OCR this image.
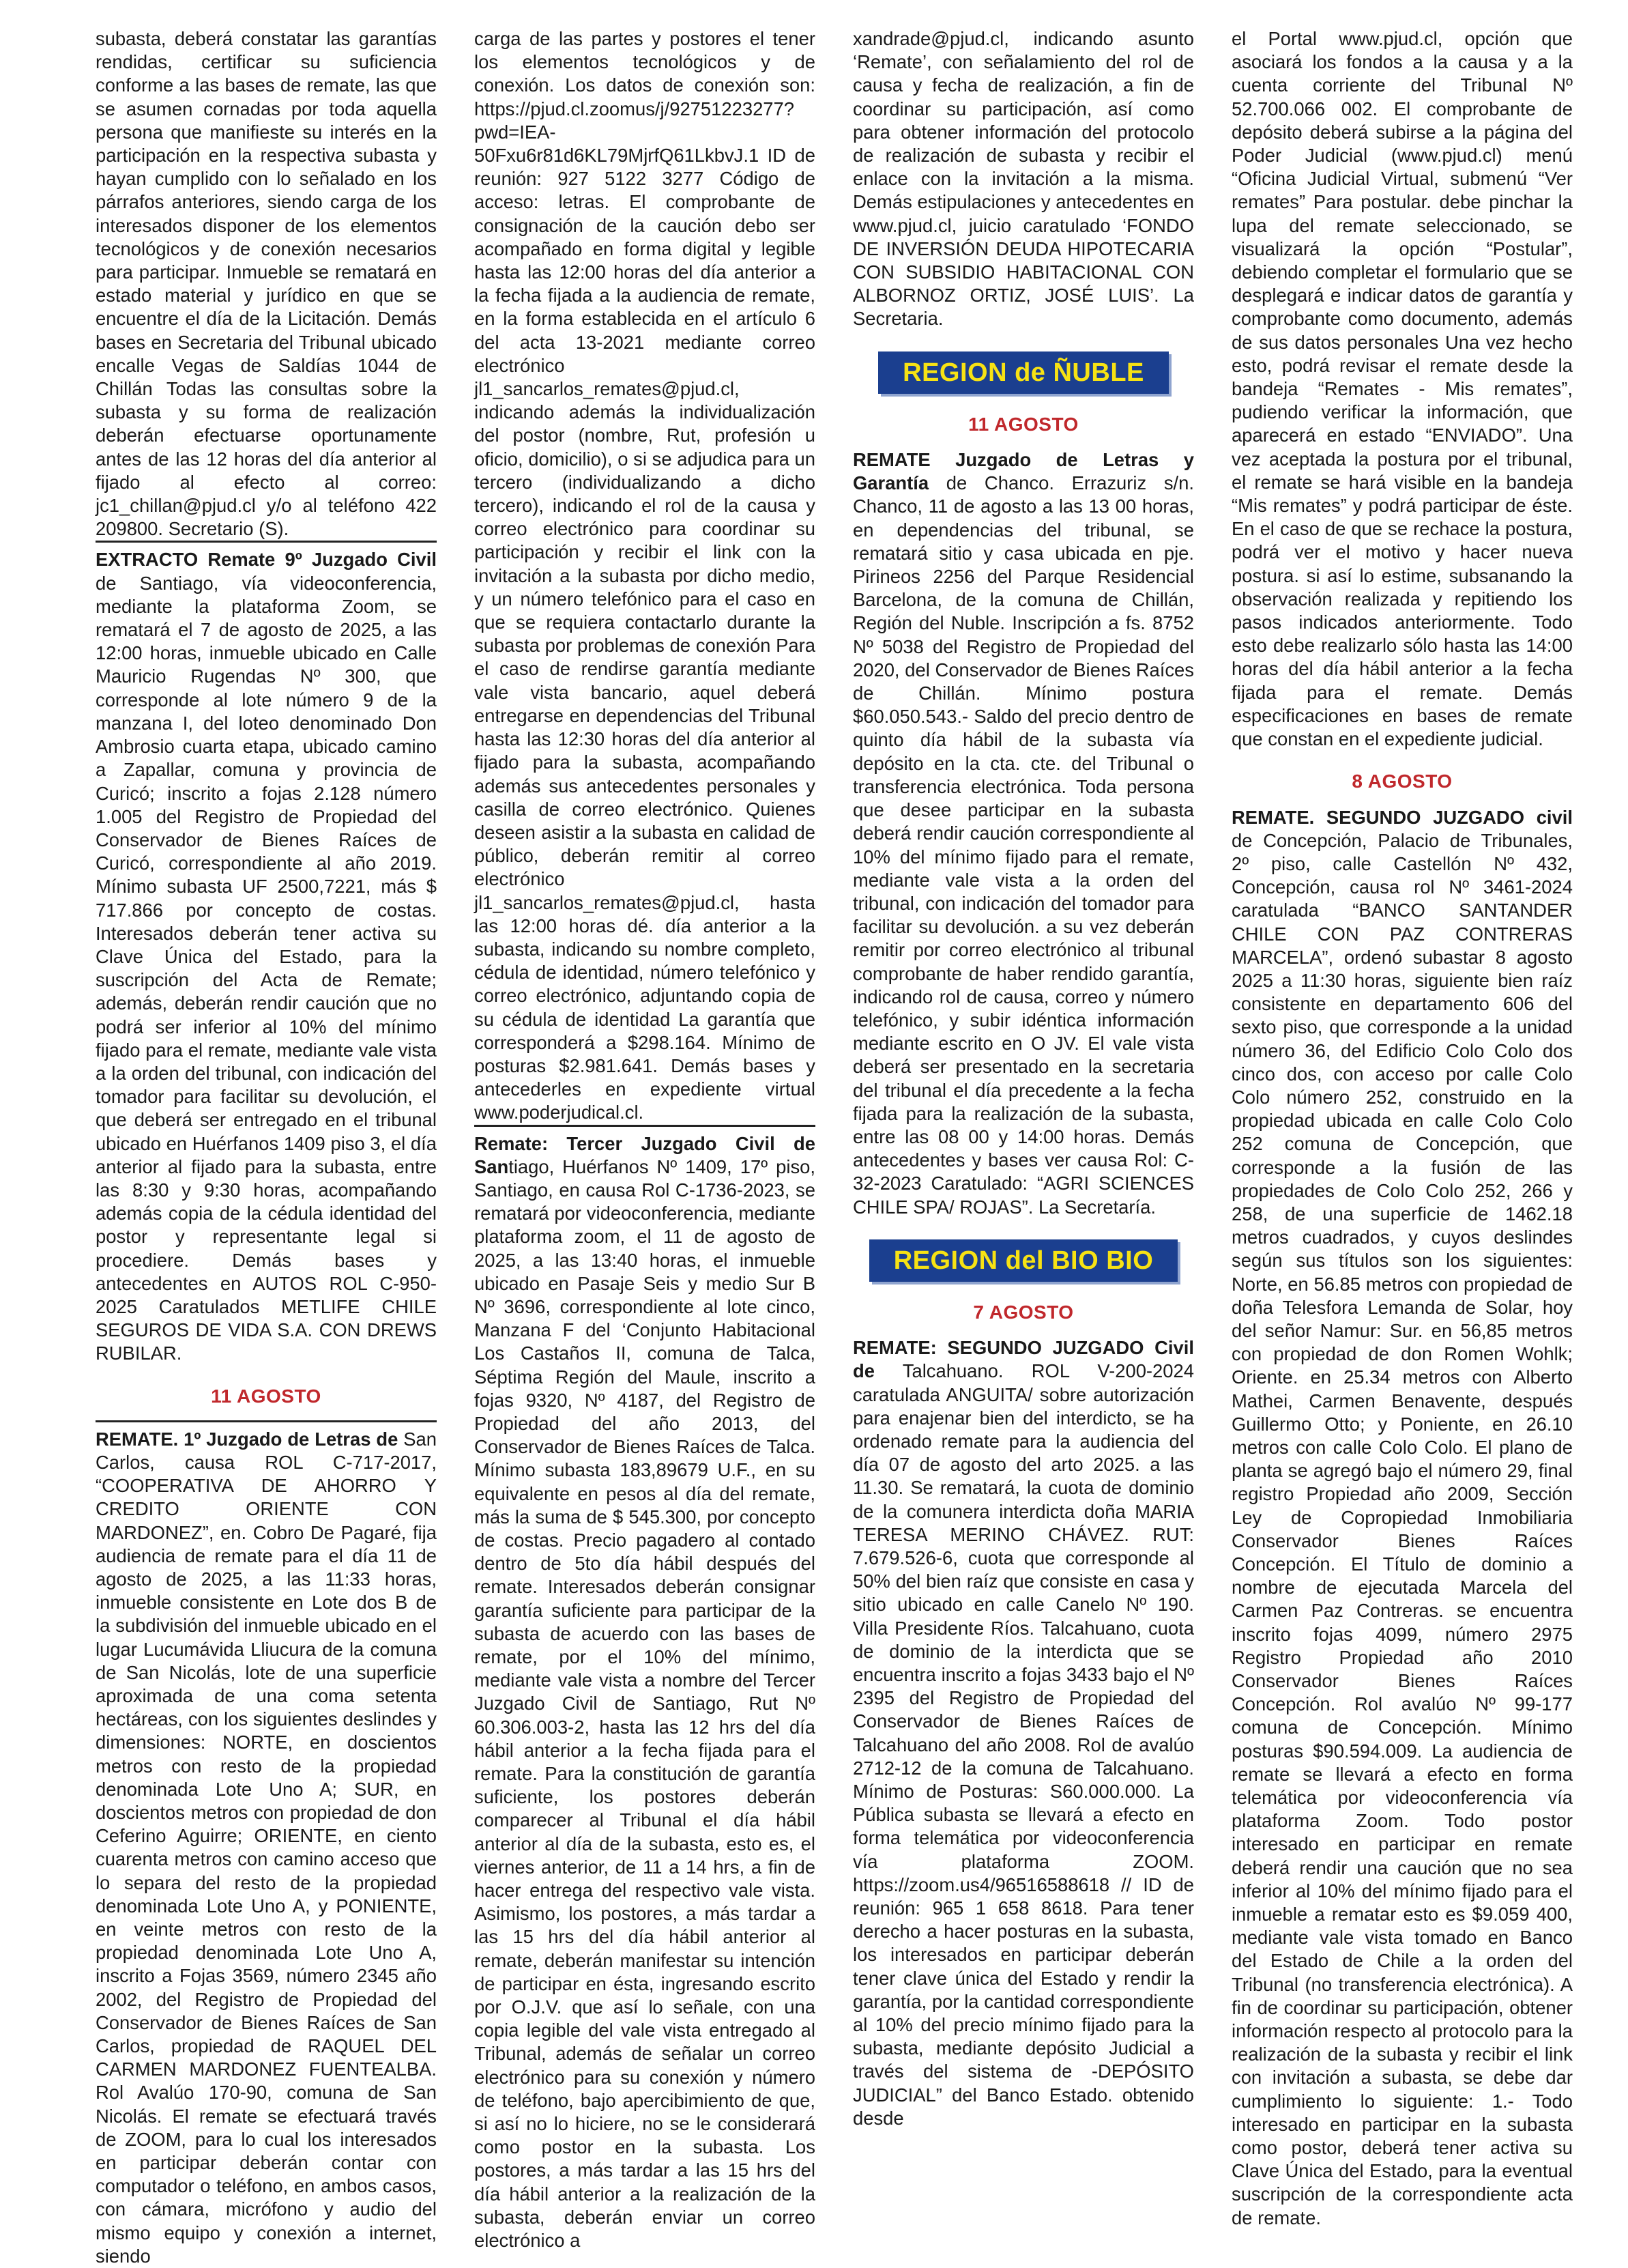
subasta, deberá constatar las garantías rendidas, certificar su suficiencia conforme a las bases de remate, las que se asumen cornadas por toda aquella persona que manifieste su interés en la participación en la respectiva subasta y hayan cumplido con lo señalado en los párrafos anteriores, siendo carga de los interesados disponer de los elementos tecnológicos y de conexión necesarios para participar. Inmueble se rematará en estado material y jurídico en que se encuentre el día de la Licitación. Demás bases en Secretaria del Tribunal ubicado encalle Vegas de Saldías 1044 de Chillán Todas las consultas sobre la subasta y su forma de realización deberán efectuarse oportunamente antes de las 12 horas del día anterior al fijado al efecto al correo: jc1_chillan@pjud.cl y/o al teléfono 422 209800. Secretario (S).

EXTRACTO Remate 9º Juzgado Civil de Santiago, vía videoconferencia, mediante la plataforma Zoom, se rematará el 7 de agosto de 2025, a las 12:00 horas, inmueble ubicado en Calle Mauricio Rugendas Nº 300, que corresponde al lote número 9 de la manzana I, del loteo denominado Don Ambrosio cuarta etapa, ubicado camino a Zapallar, comuna y provincia de Curicó; inscrito a fojas 2.128 número 1.005 del Registro de Propiedad del Conservador de Bienes Raíces de Curicó, correspondiente al año 2019. Mínimo subasta UF 2500,7221, más $ 717.866 por concepto de costas. Interesados deberán tener activa su Clave Única del Estado, para la suscripción del Acta de Remate; además, deberán rendir caución que no podrá ser inferior al 10% del mínimo fijado para el remate, mediante vale vista a la orden del tribunal, con indicación del tomador para facilitar su devolución, el que deberá ser entregado en el tribunal ubicado en Huérfanos 1409 piso 3, el día anterior al fijado para la subasta, entre las 8:30 y 9:30 horas, acompañando además copia de la cédula identidad del postor y representante legal si procediere. Demás bases y antecedentes en AUTOS ROL C-950-2025 Caratulados METLIFE CHILE SEGUROS DE VIDA S.A. CON DREWS RUBILAR.

11 AGOSTO

REMATE. 1º Juzgado de Letras de San Carlos, causa ROL C-717-2017, “COOPERATIVA DE AHORRO Y CREDITO ORIENTE CON MARDONEZ”, en. Cobro De Pagaré, fija audiencia de remate para el día 11 de agosto de 2025, a las 11:33 horas, inmueble consistente en Lote dos B de la subdivisión del inmueble ubicado en el lugar Lucumávida Lliucura de la comuna de San Nicolás, lote de una superficie aproximada de una coma setenta hectáreas, con los siguientes deslindes y dimensiones: NORTE, en doscientos metros con resto de la propiedad denominada Lote Uno A; SUR, en doscientos metros con propiedad de don Ceferino Aguirre; ORIENTE, en ciento cuarenta metros con camino acceso que lo separa del resto de la propiedad denominada Lote Uno A, y PONIENTE, en veinte metros con resto de la propiedad denominada Lote Uno A, inscrito a Fojas 3569, número 2345 año 2002, del Registro de Propiedad del Conservador de Bienes Raíces de San Carlos, propiedad de RAQUEL DEL CARMEN MARDONEZ FUENTEALBA. Rol Avalúo 170-90, comuna de San Nicolás. El remate se efectuará través de ZOOM, para lo cual los interesados en participar deberán contar con computador o teléfono, en ambos casos, con cámara, micrófono y audio del mismo equipo y conexión a internet, siendo

carga de las partes y postores el tener los elementos tecnológicos y de conexión. Los datos de conexión son: https://pjud.cl.zoomus/j/92751223277?pwd=IEA-50Fxu6r81d6KL79MjrfQ61LkbvJ.1 ID de reunión: 927 5122 3277 Código de acceso: letras. El comprobante de consignación de la caución debo ser acompañado en forma digital y legible hasta las 12:00 horas del día anterior a la fecha fijada a la audiencia de remate, en la forma establecida en el artículo 6 del acta 13-2021 mediante correo electrónico jl1_sancarlos_remates@pjud.cl, indicando además la individualización del postor (nombre, Rut, profesión u oficio, domicilio), o si se adjudica para un tercero (individualizando a dicho tercero), indicando el rol de la causa y correo electrónico para coordinar su participación y recibir el link con la invitación a la subasta por dicho medio, y un número telefónico para el caso en que se requiera contactarlo durante la subasta por problemas de conexión Para el caso de rendirse garantía mediante vale vista bancario, aquel deberá entregarse en dependencias del Tribunal hasta las 12:30 horas del día anterior al fijado para la subasta, acompañando además sus antecedentes personales y casilla de correo electrónico. Quienes deseen asistir a la subasta en calidad de público, deberán remitir al correo electrónico jl1_sancarlos_remates@pjud.cl, hasta las 12:00 horas dé. día anterior a la subasta, indicando su nombre completo, cédula de identidad, número telefónico y correo electrónico, adjuntando copia de su cédula de identidad La garantía que corresponderá a $298.164. Mínimo de posturas $2.981.641. Demás bases y antecederles en expediente virtual www.poderjudical.cl.

Remate: Tercer Juzgado Civil de Santiago, Huérfanos Nº 1409, 17º piso, Santiago, en causa Rol C-1736-2023, se rematará por videoconferencia, mediante plataforma zoom, el 11 de agosto de 2025, a las 13:40 horas, el inmueble ubicado en Pasaje Seis y medio Sur B Nº 3696, correspondiente al lote cinco, Manzana F del ‘Conjunto Habitacional Los Castaños II, comuna de Talca, Séptima Región del Maule, inscrito a fojas 9320, Nº 4187, del Registro de Propiedad del año 2013, del Conservador de Bienes Raíces de Talca. Mínimo subasta 183,89679 U.F., en su equivalente en pesos al día del remate, más la suma de $ 545.300, por concepto de costas. Precio pagadero al contado dentro de 5to día hábil después del remate. Interesados deberán consignar garantía suficiente para participar de la subasta de acuerdo con las bases de remate, por el 10% del mínimo, mediante vale vista a nombre del Tercer Juzgado Civil de Santiago, Rut Nº 60.306.003-2, hasta las 12 hrs del día hábil anterior a la fecha fijada para el remate. Para la constitución de garantía suficiente, los postores deberán comparecer al Tribunal el día hábil anterior al día de la subasta, esto es, el viernes anterior, de 11 a 14 hrs, a fin de hacer entrega del respectivo vale vista. Asimismo, los postores, a más tardar a las 15 hrs del día hábil anterior al remate, deberán manifestar su intención de participar en ésta, ingresando escrito por O.J.V. que así lo señale, con una copia legible del vale vista entregado al Tribunal, además de señalar un correo electrónico para su conexión y número de teléfono, bajo apercibimiento de que, si así no lo hiciere, no se le considerará como postor en la subasta. Los postores, a más tardar a las 15 hrs del día hábil anterior a la realización de la subasta, deberán enviar un correo electrónico a

xandrade@pjud.cl, indicando asunto ‘Remate’, con señalamiento del rol de causa y fecha de realización, a fin de coordinar su participación, así como para obtener información del protocolo de realización de subasta y recibir el enlace con la invitación a la misma. Demás estipulaciones y antecedentes en www.pjud.cl, juicio caratulado ‘FONDO DE INVERSIÓN DEUDA HIPOTECARIA CON SUBSIDIO HABITACIONAL CON ALBORNOZ ORTIZ, JOSÉ LUIS’. La Secretaria.

REGION de ÑUBLE
11 AGOSTO

REMATE Juzgado de Letras y Garantía de Chanco. Errazuriz s/n. Chanco, 11 de agosto a las 13 00 horas, en dependencias del tribunal, se rematará sitio y casa ubicada en pje. Pirineos 2256 del Parque Residencial Barcelona, de la comuna de Chillán, Región del Nuble. Inscripción a fs. 8752 Nº 5038 del Registro de Propiedad del 2020, del Conservador de Bienes Raíces de Chillán. Mínimo postura $60.050.543.- Saldo del precio dentro de quinto día hábil de la subasta vía depósito en la cta. cte. del Tribunal o transferencia electrónica. Toda persona que desee participar en la subasta deberá rendir caución correspondiente al 10% del mínimo fijado para el remate, mediante vale vista a la orden del tribunal, con indicación del tomador para facilitar su devolución. a su vez deberán remitir por correo electrónico al tribunal comprobante de haber rendido garantía, indicando rol de causa, correo y número telefónico, y subir idéntica información mediante escrito en O JV. El vale vista deberá ser presentado en la secretaria del tribunal el día precedente a la fecha fijada para la realización de la subasta, entre las 08 00 y 14:00 horas. Demás antecedentes y bases ver causa Rol: C-32-2023 Caratulado: “AGRI SCIENCES CHILE SPA/ ROJAS”. La Secretaría.

REGION del BIO BIO
7 AGOSTO

REMATE: SEGUNDO JUZGADO Civil de Talcahuano. ROL V-200-2024 caratulada ANGUITA/ sobre autorización para enajenar bien del interdicto, se ha ordenado remate para la audiencia del día 07 de agosto del arto 2025. a las 11.30. Se rematará, la cuota de dominio de la comunera interdicta doña MARIA TERESA MERINO CHÁVEZ. RUT: 7.679.526-6, cuota que corresponde al 50% del bien raíz que consiste en casa y sitio ubicado en calle Canelo Nº 190. Villa Presidente Ríos. Talcahuano, cuota de dominio de la interdicta que se encuentra inscrito a fojas 3433 bajo el Nº 2395 del Registro de Propiedad del Conservador de Bienes Raíces de Talcahuano del año 2008. Rol de avalúo 2712-12 de la comuna de Talcahuano. Mínimo de Posturas: S60.000.000. La Pública subasta se llevará a efecto en forma telemática por videoconferencia vía plataforma ZOOM. https://zoom.us4/96516588618 // ID de reunión: 965 1 658 8618. Para tener derecho a hacer posturas en la subasta, los interesados en participar deberán tener clave única del Estado y rendir la garantía, por la cantidad correspondiente al 10% del precio mínimo fijado para la subasta, mediante depósito Judicial a través del sistema de -DEPÓSITO JUDICIAL” del Banco Estado. obtenido desde

el Portal www.pjud.cl, opción que asociará los fondos a la causa y a la cuenta corriente del Tribunal Nº 52.700.066 002. El comprobante de depósito deberá subirse a la página del Poder Judicial (www.pjud.cl) menú “Oficina Judicial Virtual, submenú “Ver remates” Para postular. debe pinchar la lupa del remate seleccionado, se visualizará la opción “Postular”, debiendo completar el formulario que se desplegará e indicar datos de garantía y comprobante como documento, además de sus datos personales Una vez hecho esto, podrá revisar el remate desde la bandeja “Remates - Mis remates”, pudiendo verificar la información, que aparecerá en estado “ENVIADO”. Una vez aceptada la postura por el tribunal, el remate se hará visible en la bandeja “Mis remates” y podrá participar de éste. En el caso de que se rechace la postura, podrá ver el motivo y hacer nueva postura. si así lo estime, subsanando la observación realizada y repitiendo los pasos indicados anteriormente. Todo esto debe realizarlo sólo hasta las 14:00 horas del día hábil anterior a la fecha fijada para el remate. Demás especificaciones en bases de remate que constan en el expediente judicial.

8 AGOSTO

REMATE. SEGUNDO JUZGADO civil de Concepción, Palacio de Tribunales, 2º piso, calle Castellón Nº 432, Concepción, causa rol Nº 3461-2024 caratulada “BANCO SANTANDER CHILE CON PAZ CONTRERAS MARCELA”, ordenó subastar 8 agosto 2025 a 11:30 horas, siguiente bien raíz consistente en departamento 606 del sexto piso, que corresponde a la unidad número 36, del Edificio Colo Colo dos cinco dos, con acceso por calle Colo Colo número 252, construido en la propiedad ubicada en calle Colo Colo 252 comuna de Concepción, que corresponde a la fusión de las propiedades de Colo Colo 252, 266 y 258, de una superficie de 1462.18 metros cuadrados, y cuyos deslindes según sus títulos son los siguientes: Norte, en 56.85 metros con propiedad de doña Telesfora Lemanda de Solar, hoy del señor Namur: Sur. en 56,85 metros con propiedad de don Romen Wohlk; Oriente. en 25.34 metros con Alberto Mathei, Carmen Benavente, después Guillermo Otto; y Poniente, en 26.10 metros con calle Colo Colo. El plano de planta se agregó bajo el número 29, final registro Propiedad año 2009, Sección Ley de Copropiedad Inmobiliaria Conservador Bienes Raíces Concepción. El Título de dominio a nombre de ejecutada Marcela del Carmen Paz Contreras. se encuentra inscrito fojas 4099, número 2975 Registro Propiedad año 2010 Conservador Bienes Raíces Concepción. Rol avalúo Nº 99-177 comuna de Concepción. Mínimo posturas $90.594.009. La audiencia de remate se llevará a efecto en forma telemática por videoconferencia vía plataforma Zoom. Todo postor interesado en participar en remate deberá rendir una caución que no sea inferior al 10% del mínimo fijado para el inmueble a rematar esto es $9.059 400, mediante vale vista tomado en Banco del Estado de Chile a la orden del Tribunal (no transferencia electrónica). A fin de coordinar su participación, obtener información respecto al protocolo para la realización de la subasta y recibir el link con invitación a subasta, se debe dar cumplimiento lo siguiente: 1.- Todo interesado en participar en la subasta como postor, deberá tener activa su Clave Única del Estado, para la eventual suscripción de la correspondiente acta de remate.
